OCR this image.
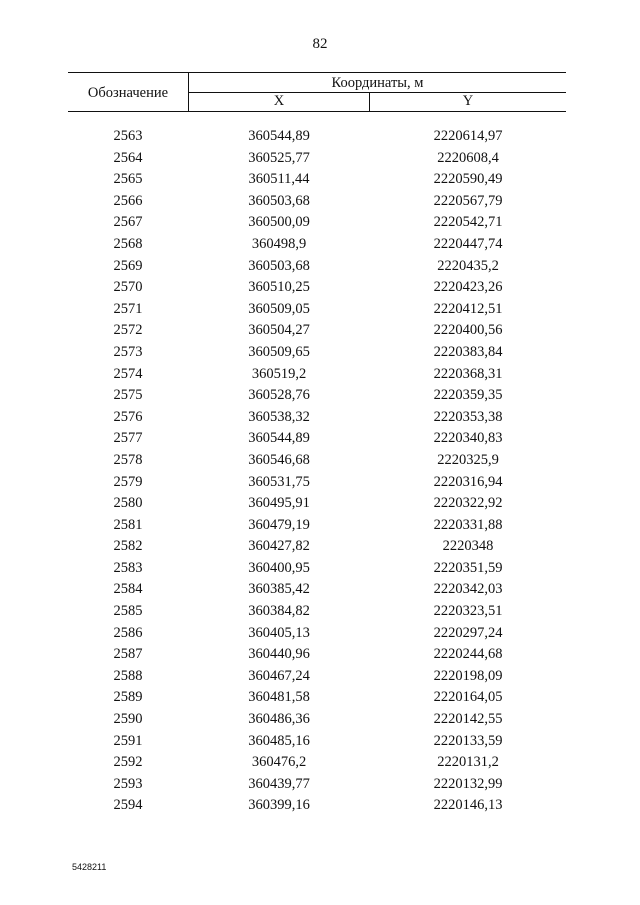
82
Обозначение
Координаты, м
X	Y
2563	360544,89	2220614,97
2564	360525,77	2220608,4
2565	360511,44	2220590,49
2566	360503,68	2220567,79
2567	360500,09	2220542,71
2568	360498,9	2220447,74
2569	360503,68	2220435,2
2570	360510,25	2220423,26
2571	360509,05	2220412,51
2572	360504,27	2220400,56
2573	360509,65	2220383,84
2574	360519,2	2220368,31
2575	360528,76	2220359,35
2576	360538,32	2220353,38
2577	360544,89	2220340,83
2578	360546,68	2220325,9
2579	360531,75	2220316,94
2580	360495,91	2220322,92
2581	360479,19	2220331,88
2582	360427,82	2220348
2583	360400,95	2220351,59
2584	360385,42	2220342,03
2585	360384,82	2220323,51
2586	360405,13	2220297,24
2587	360440,96	2220244,68
2588	360467,24	2220198,09
2589	360481,58	2220164,05
2590	360486,36	2220142,55
2591	360485,16	2220133,59
2592	360476,2	2220131,2
2593	360439,77	2220132,99
2594	360399,16	2220146,13
5428211
